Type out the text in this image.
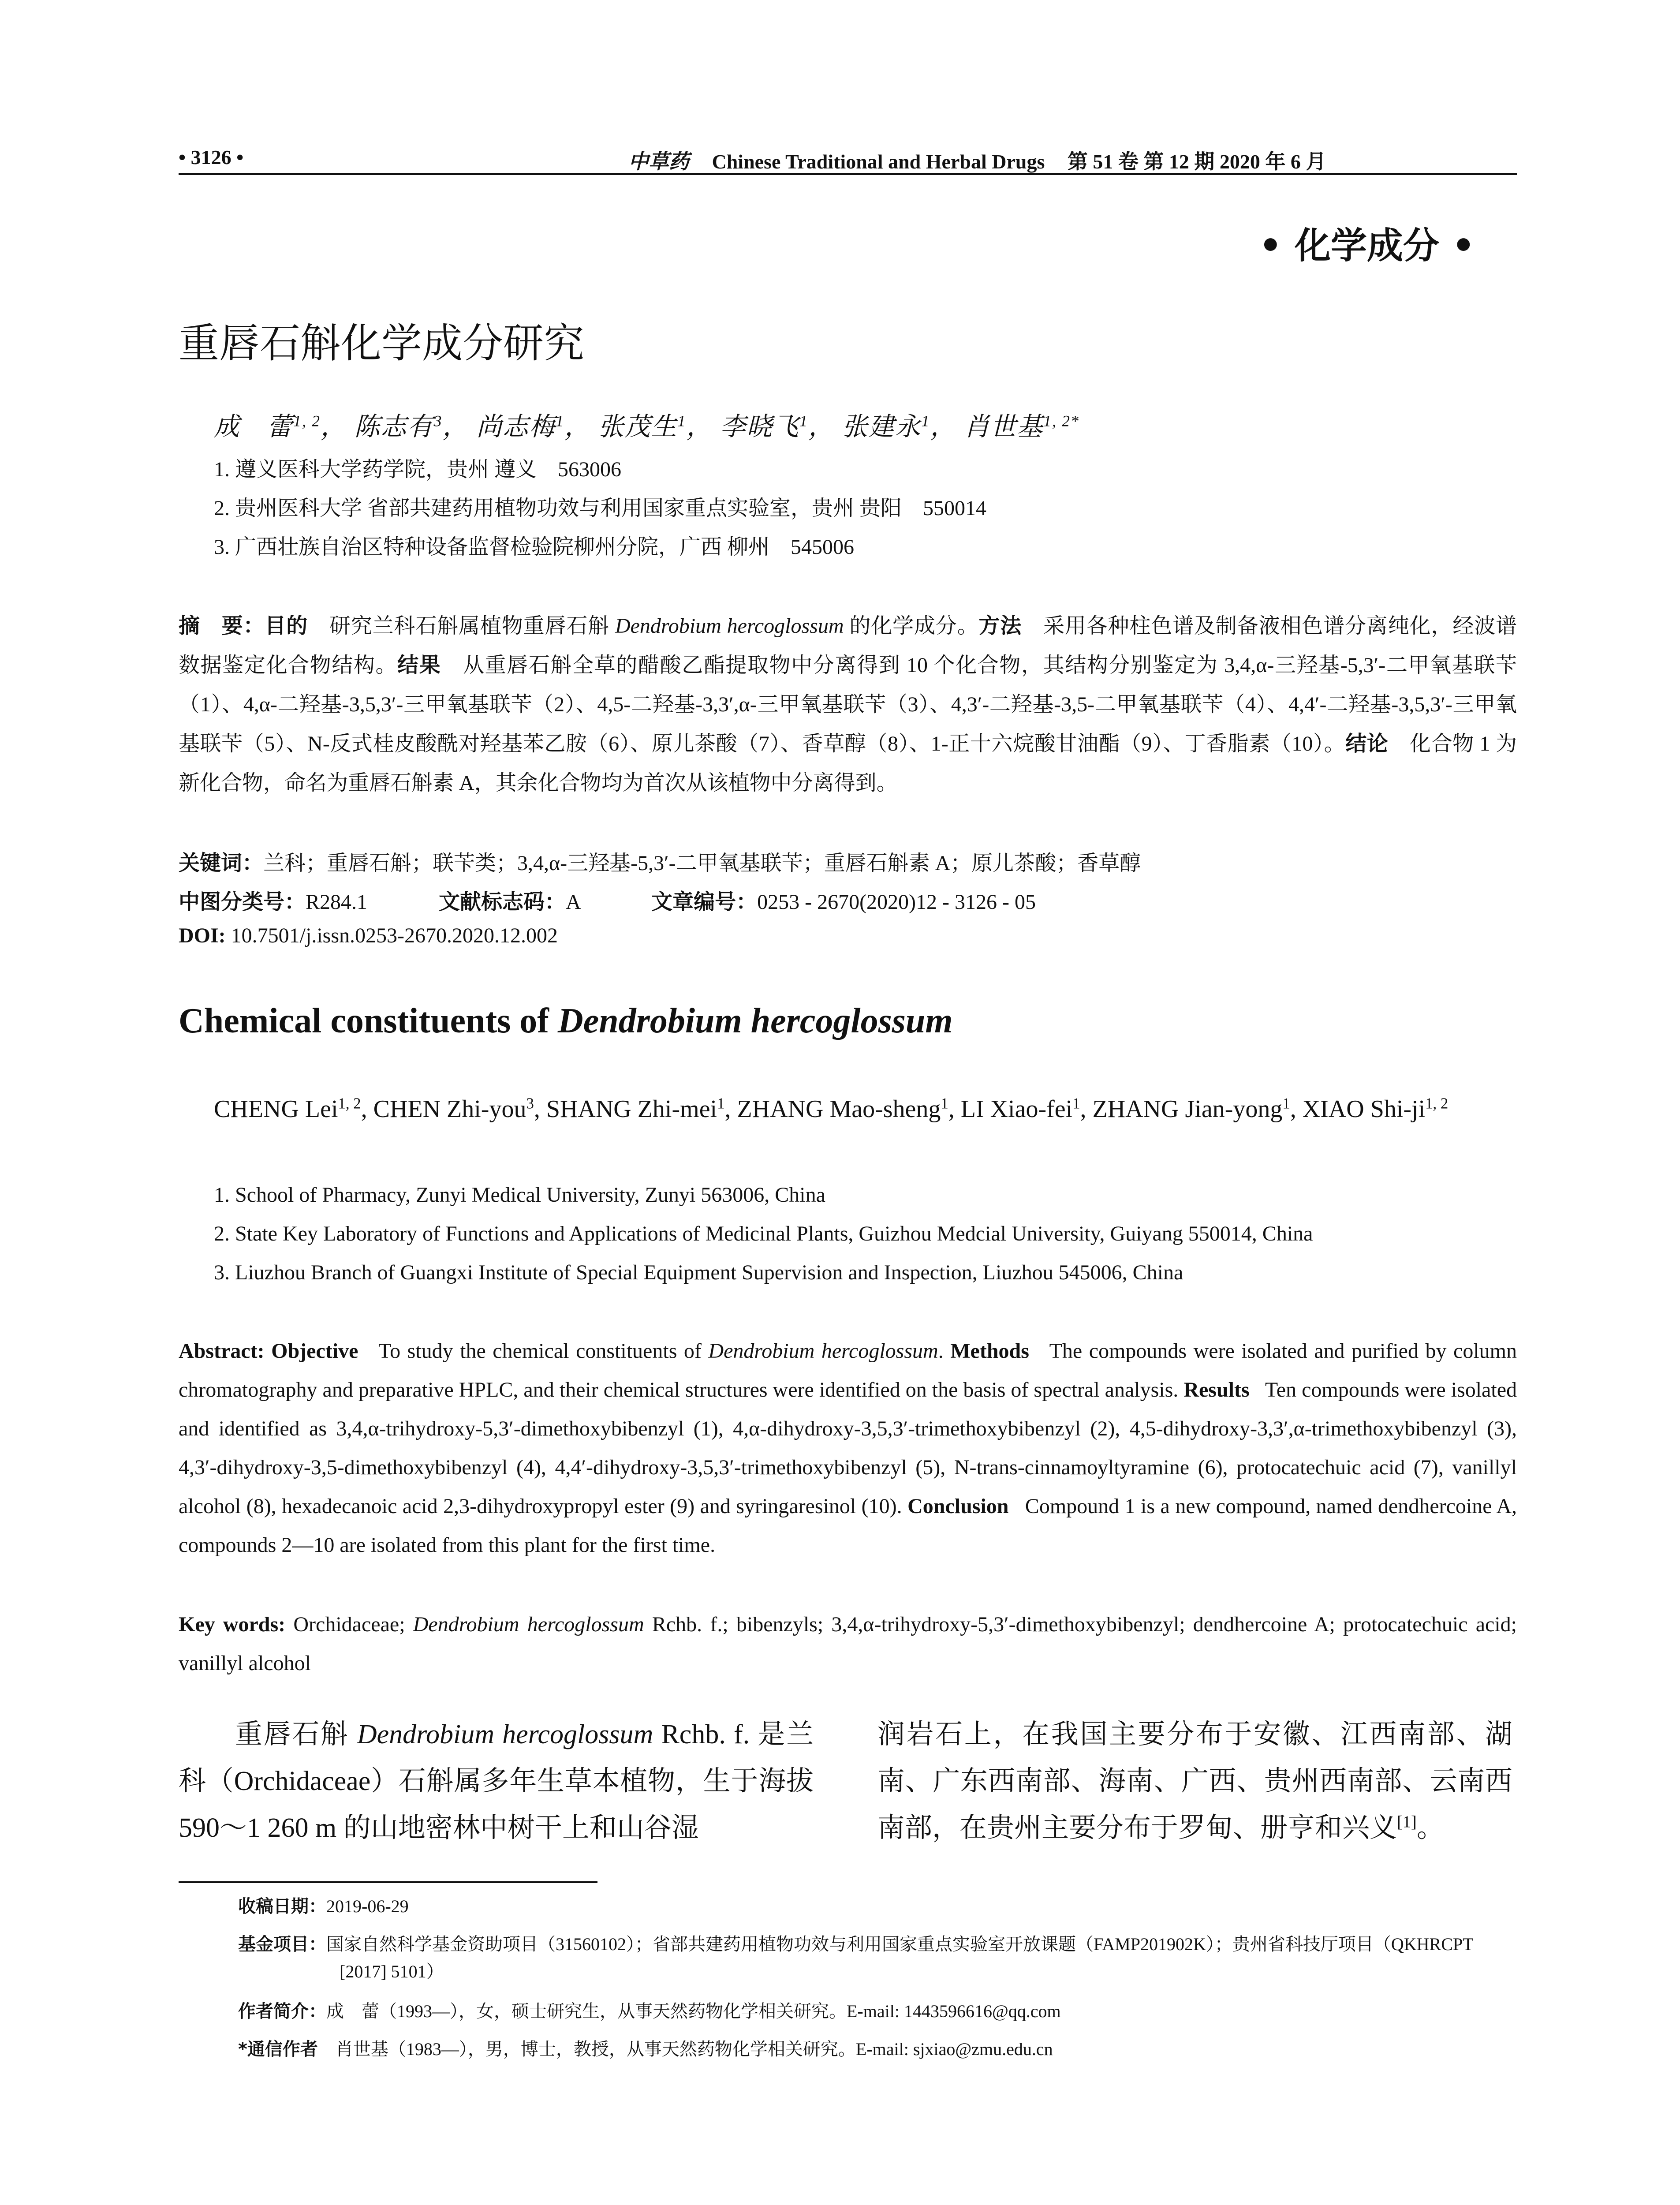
• 3126 •	中草药 Chinese Traditional and Herbal Drugs 第 51 卷 第 12 期 2020 年 6 月
• 化学成分 •
重唇石斛化学成分研究
成　蕾$^{1, 2}$， 陈志有$^3$， 尚志梅$^1$， 张茂生$^1$， 李晓飞$^1$， 张建永$^1$， 肖世基$^{1, 2*}$
1. 遵义医科大学药学院，贵州 遵义　563006
2. 贵州医科大学 省部共建药用植物功效与利用国家重点实验室，贵州 贵阳　550014
3. 广西壮族自治区特种设备监督检验院柳州分院，广西 柳州　545006
摘　要：目的　 研究兰科石斛属植物重唇石斛 Dendrobium hercoglossum 的化学成分。方法　 采用各种柱色谱及制备液相色谱分离纯化，经波谱数据鉴定化合物结构。结果　 从重唇石斛全草的醋酸乙酯提取物中分离得到 10 个化合物，其结构分别鉴定为 3,4,α-三羟基-5,3′-二甲氧基联苄（1）、4,α-二羟基-3,5,3′-三甲氧基联苄（2）、4,5-二羟基-3,3′,α-三甲氧基联苄（3）、4,3′-二羟基-3,5-二甲氧基联苄（4）、4,4′-二羟基-3,5,3′-三甲氧基联苄（5）、N-反式桂皮酸酰对羟基苯乙胺（6）、原儿茶酸（7）、香草醇（8）、1-正十六烷酸甘油酯（9）、丁香脂素（10）。结论　 化合物 1 为新化合物，命名为重唇石斛素 A，其余化合物均为首次从该植物中分离得到。
关键词：兰科；重唇石斛；联苄类；3,4,α-三羟基-5,3′-二甲氧基联苄；重唇石斛素 A；原儿茶酸；香草醇
中图分类号：R284.1	文献标志码：A	文章编号：0253 - 2670(2020)12 - 3126 - 05
DOI: 10.7501/j.issn.0253-2670.2020.12.002
Chemical constituents of Dendrobium hercoglossum
CHENG Lei$^{1, 2}$, CHEN Zhi-you$^3$, SHANG Zhi-mei$^1$, ZHANG Mao-sheng$^1$, LI Xiao-fei$^1$, ZHANG Jian-yong$^1$, XIAO Shi-ji$^{1, 2}$
1. School of Pharmacy, Zunyi Medical University, Zunyi 563006, China
2. State Key Laboratory of Functions and Applications of Medicinal Plants, Guizhou Medcial University, Guiyang 550014, China
3. Liuzhou Branch of Guangxi Institute of Special Equipment Supervision and Inspection, Liuzhou 545006, China
Abstract: Objective To study the chemical constituents of Dendrobium hercoglossum. Methods The compounds were isolated and purified by column chromatography and preparative HPLC, and their chemical structures were identified on the basis of spectral analysis. Results Ten compounds were isolated and identified as 3,4,α-trihydroxy-5,3′-dimethoxybibenzyl (1), 4,α-dihydroxy-3,5,3′-trimethoxybibenzyl (2), 4,5-dihydroxy-3,3′,α-trimethoxybibenzyl (3), 4,3′-dihydroxy-3,5-dimethoxybibenzyl (4), 4,4′-dihydroxy-3,5,3′-trimethoxybibenzyl (5), N-trans-cinnamoyltyramine (6), protocatechuic acid (7), vanillyl alcohol (8), hexadecanoic acid 2,3-dihydroxypropyl ester (9) and syringaresinol (10). Conclusion Compound 1 is a new compound, named dendhercoine A, compounds 2—10 are isolated from this plant for the first time.
Key words: Orchidaceae; Dendrobium hercoglossum Rchb. f.; bibenzyls; 3,4,α-trihydroxy-5,3′-dimethoxybibenzyl; dendhercoine A; protocatechuic acid; vanillyl alcohol
重唇石斛 Dendrobium hercoglossum Rchb. f. 是兰科（Orchidaceae）石斛属多年生草本植物，生于海拔 590～1 260 m 的山地密林中树干上和山谷湿
润岩石上，在我国主要分布于安徽、江西南部、湖南、广东西南部、海南、广西、贵州西南部、云南西南部，在贵州主要分布于罗甸、册亨和兴义[1]。
收稿日期：2019-06-29
基金项目：国家自然科学基金资助项目（31560102）；省部共建药用植物功效与利用国家重点实验室开放课题（FAMP201902K）；贵州省科技厅项目（QKHRCPT [2017] 5101）
作者简介：成　蕾（1993—），女，硕士研究生，从事天然药物化学相关研究。E-mail: 1443596616@qq.com
*通信作者　肖世基（1983—），男，博士，教授，从事天然药物化学相关研究。E-mail: sjxiao@zmu.edu.cn
